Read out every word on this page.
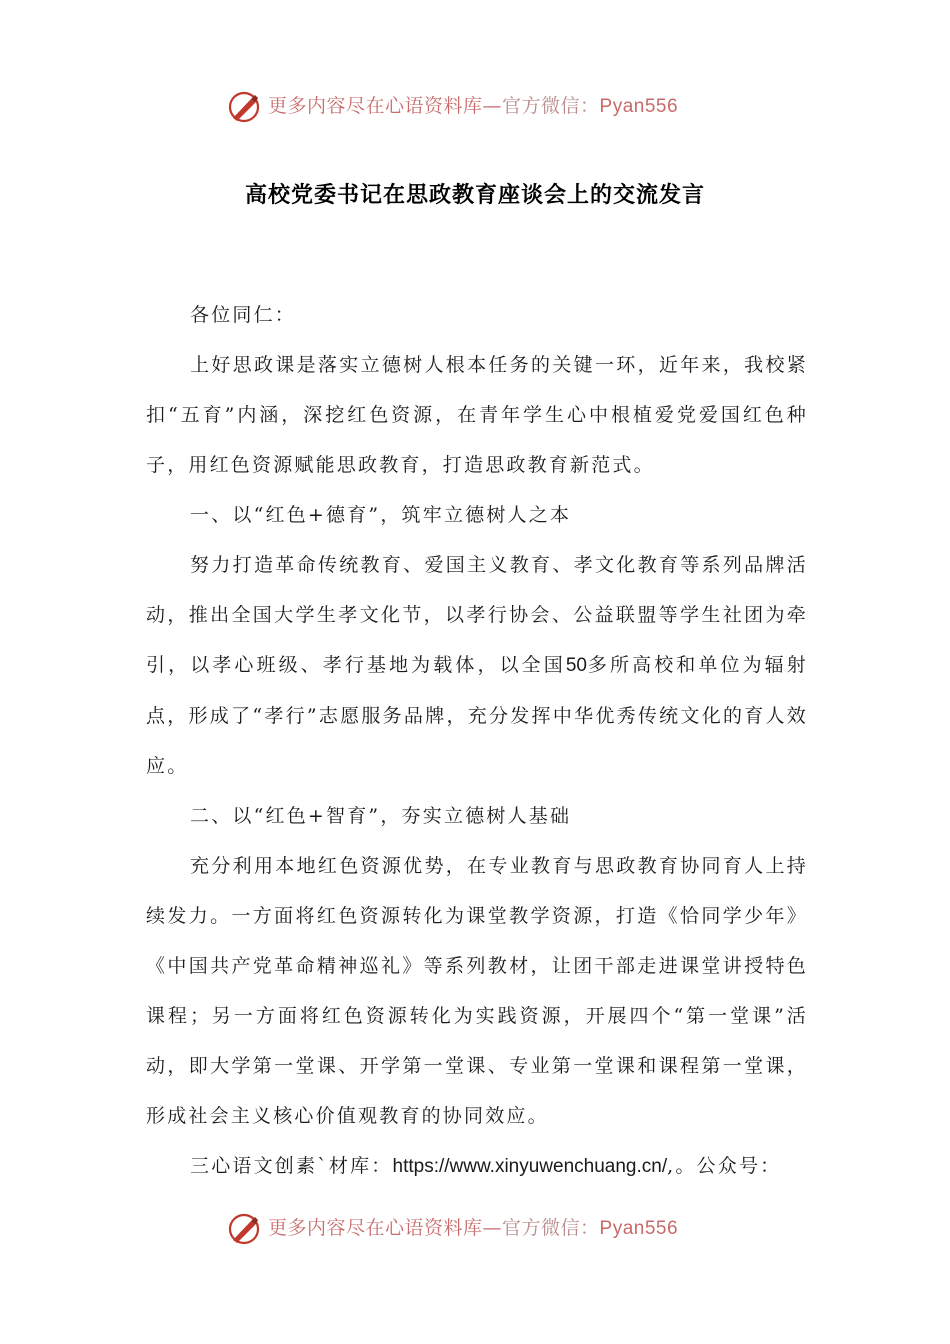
更多内容尽在心语资料库—官方微信：Pyan556
高校党委书记在思政教育座谈会上的交流发言

各位同仁：

上好思政课是落实立德树人根本任务的关键一环，近年来，我校紧扣“五育”内涵，深挖红色资源，在青年学生心中根植爱党爱国红色种子，用红色资源赋能思政教育，打造思政教育新范式。

一、以“红色+德育”，筑牢立德树人之本

努力打造革命传统教育、爱国主义教育、孝文化教育等系列品牌活动，推出全国大学生孝文化节，以孝行协会、公益联盟等学生社团为牵引，以孝心班级、孝行基地为载体，以全国50多所高校和单位为辐射点，形成了“孝行”志愿服务品牌，充分发挥中华优秀传统文化的育人效应。

二、以“红色+智育”，夯实立德树人基础

充分利用本地红色资源优势，在专业教育与思政教育协同育人上持续发力。一方面将红色资源转化为课堂教学资源，打造《恰同学少年》《中国共产党革命精神巡礼》等系列教材，让团干部走进课堂讲授特色课程；另一方面将红色资源转化为实践资源，开展四个“第一堂课”活动，即大学第一堂课、开学第一堂课、专业第一堂课和课程第一堂课，形成社会主义核心价值观教育的协同效应。

三心语文创素`材库：https://www.xinyuwenchuang.cn/,。公众号：

更多内容尽在心语资料库—官方微信：Pyan556
